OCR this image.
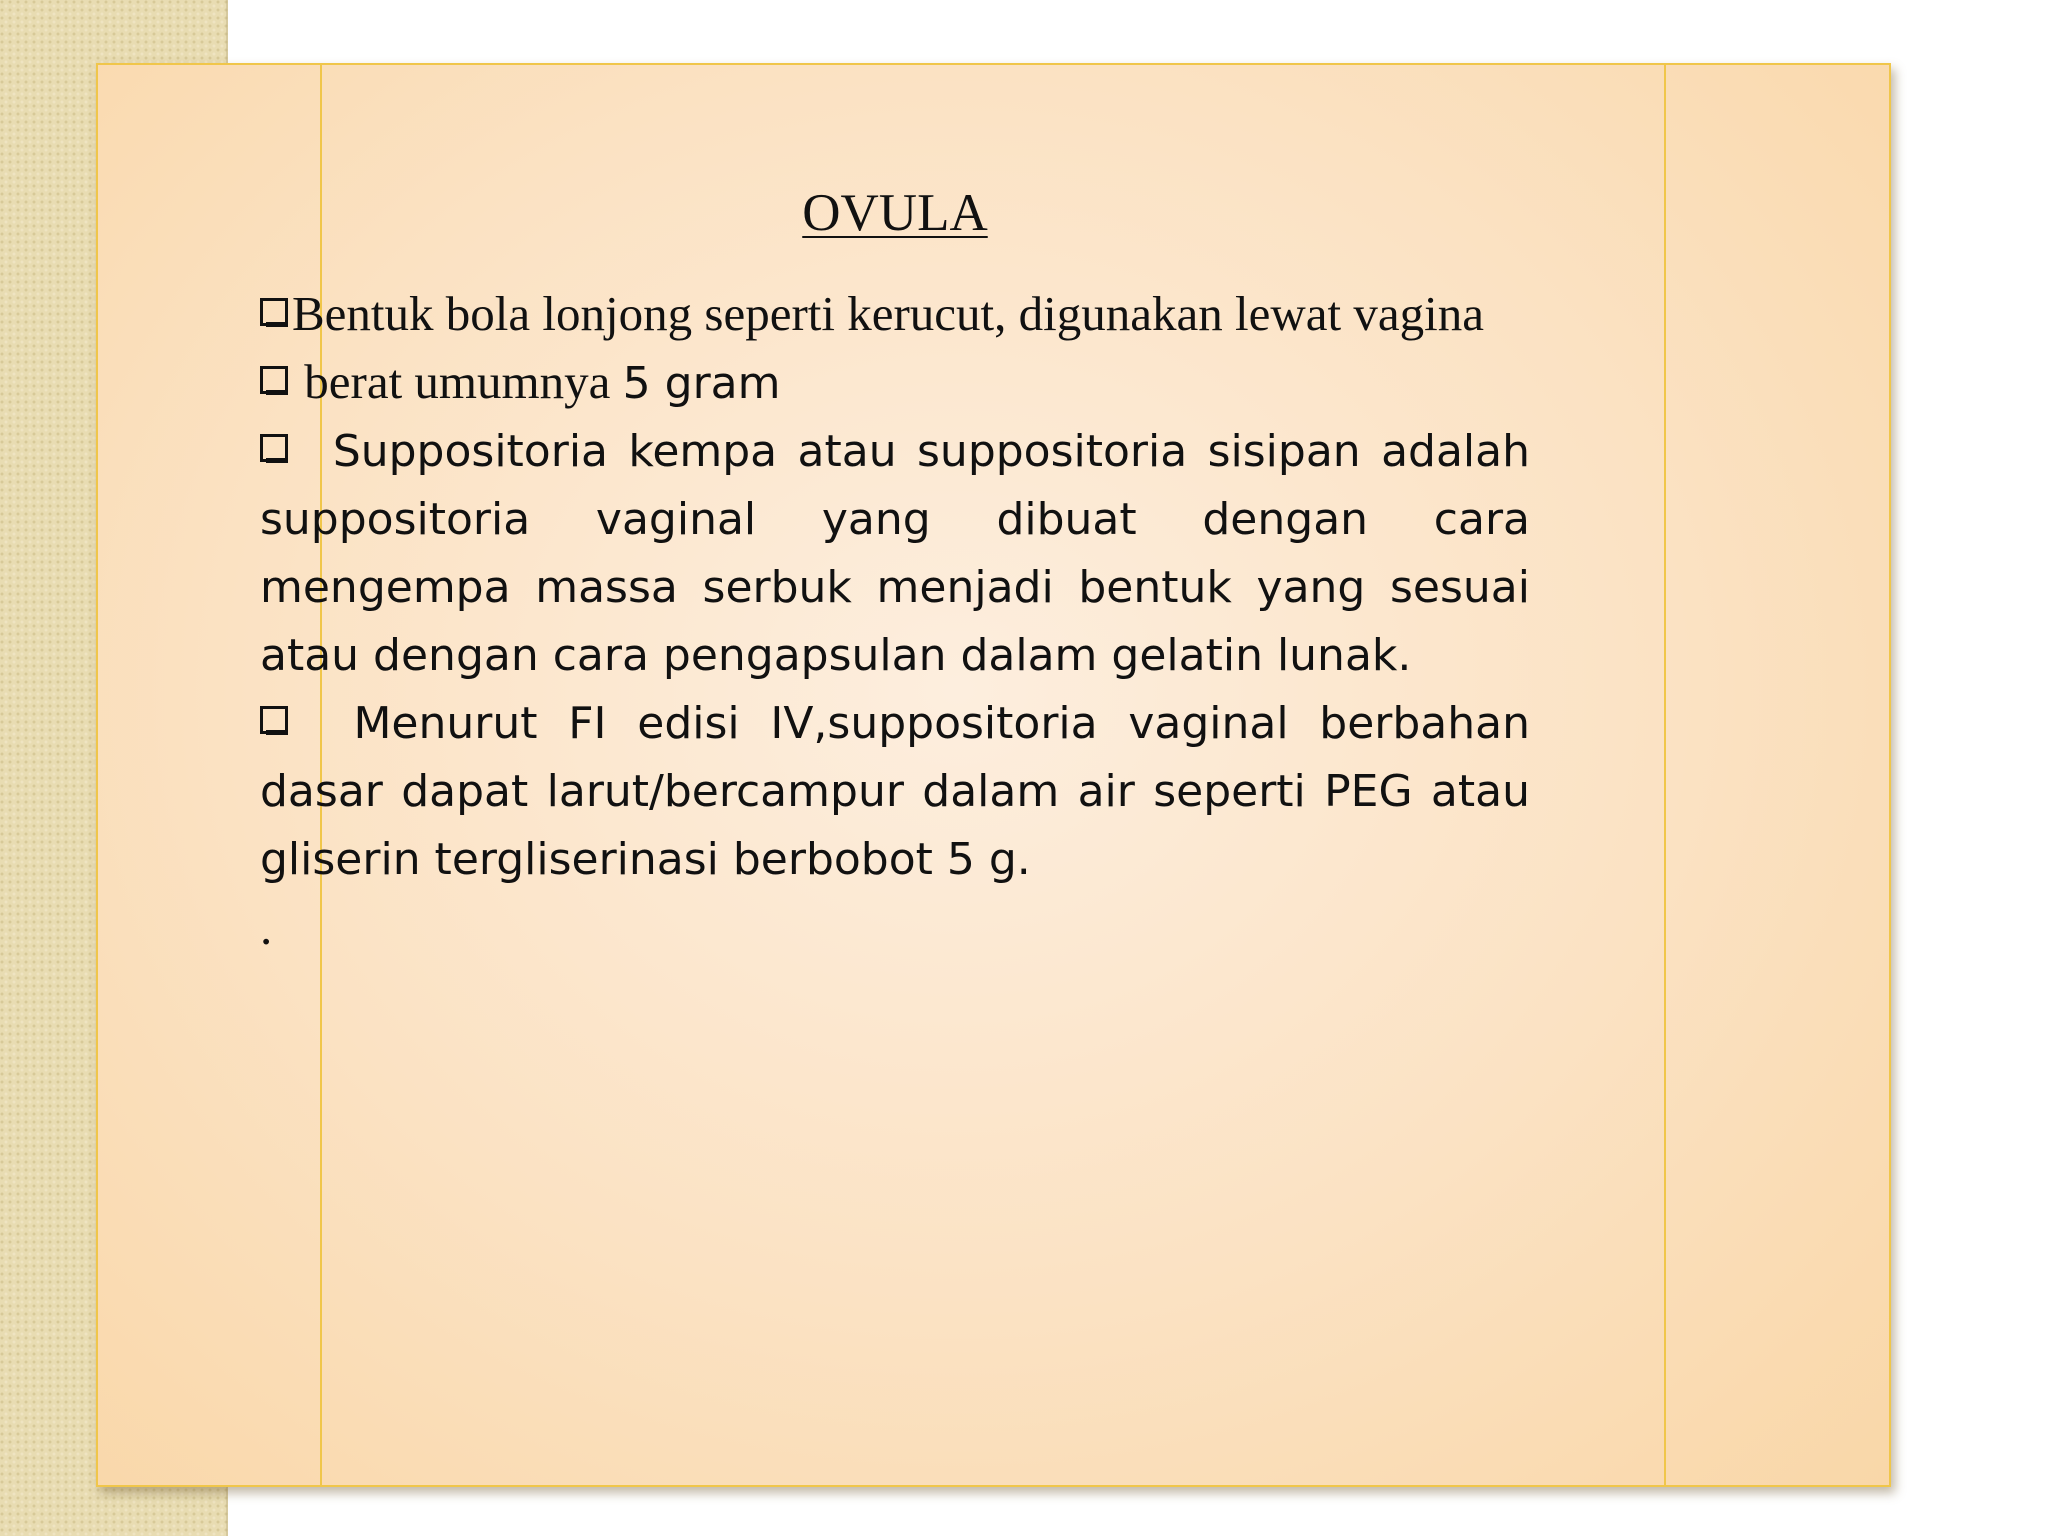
OVULA

Bentuk bola lonjong seperti kerucut, digunakan lewat vagina

berat umumnya 5 gram

Suppositoria kempa atau suppositoria sisipan adalah suppositoria vaginal yang dibuat dengan cara mengempa massa serbuk menjadi bentuk yang sesuai atau dengan cara pengapsulan dalam gelatin lunak.

Menurut FI edisi IV,suppositoria vaginal berbahan dasar dapat larut/bercampur dalam air seperti PEG atau gliserin tergliserinasi berbobot 5 g.

.
